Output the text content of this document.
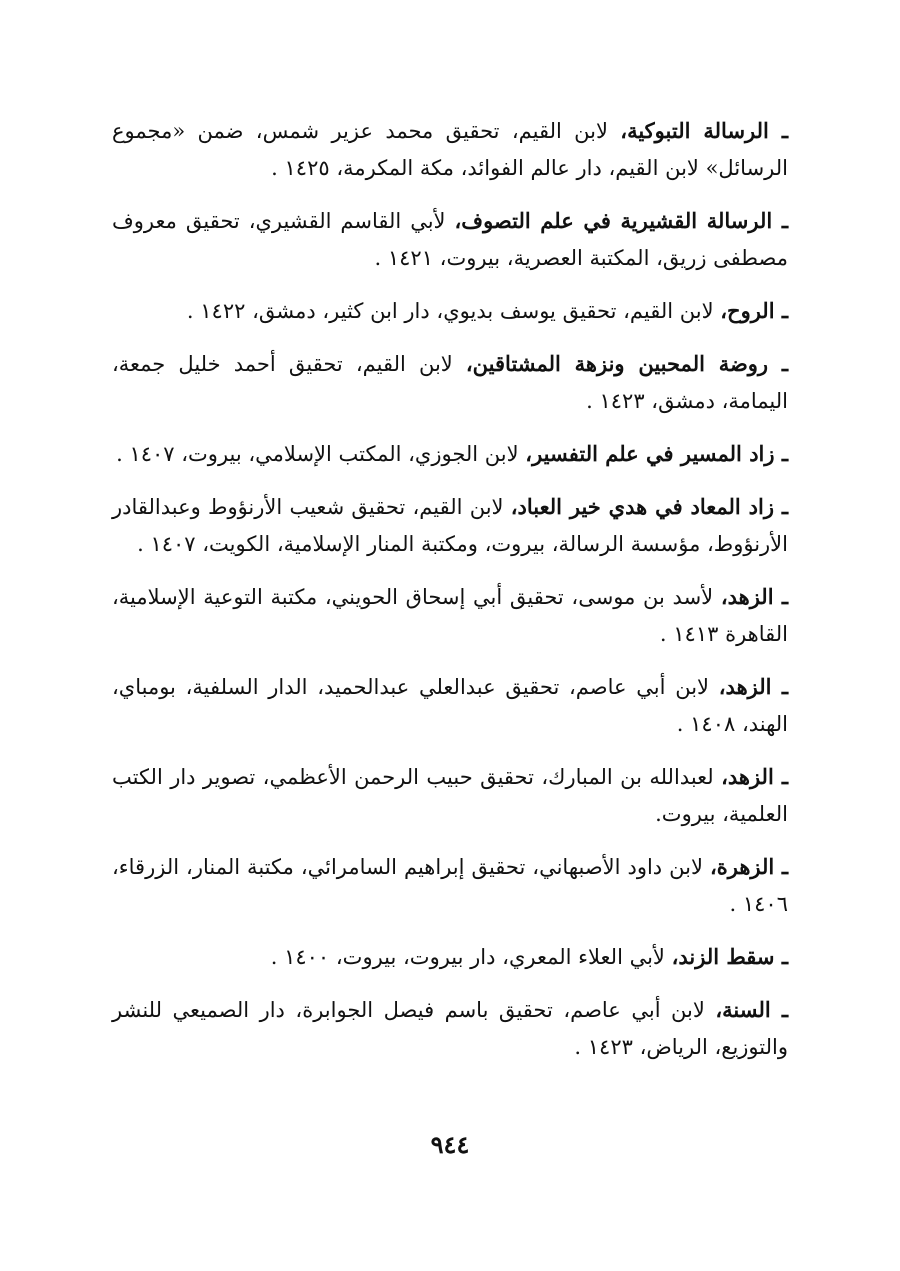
ـ الرسالة التبوكية، لابن القيم، تحقيق محمد عزير شمس، ضمن «مجموع الرسائل» لابن القيم، دار عالم الفوائد، مكة المكرمة، ١٤٢٥ .
ـ الرسالة القشيرية في علم التصوف، لأبي القاسم القشيري، تحقيق معروف مصطفى زريق، المكتبة العصرية، بيروت، ١٤٢١ .
ـ الروح، لابن القيم، تحقيق يوسف بديوي، دار ابن كثير، دمشق، ١٤٢٢ .
ـ روضة المحبين ونزهة المشتاقين، لابن القيم، تحقيق أحمد خليل جمعة، اليمامة، دمشق، ١٤٢٣ .
ـ زاد المسير في علم التفسير، لابن الجوزي، المكتب الإسلامي، بيروت، ١٤٠٧ .
ـ زاد المعاد في هدي خير العباد، لابن القيم، تحقيق شعيب الأرنؤوط وعبدالقادر الأرنؤوط، مؤسسة الرسالة، بيروت، ومكتبة المنار الإسلامية، الكويت، ١٤٠٧ .
ـ الزهد، لأسد بن موسى، تحقيق أبي إسحاق الحويني، مكتبة التوعية الإسلامية، القاهرة ١٤١٣ .
ـ الزهد، لابن أبي عاصم، تحقيق عبدالعلي عبدالحميد، الدار السلفية، بومباي، الهند، ١٤٠٨ .
ـ الزهد، لعبدالله بن المبارك، تحقيق حبيب الرحمن الأعظمي، تصوير دار الكتب العلمية، بيروت.
ـ الزهرة، لابن داود الأصبهاني، تحقيق إبراهيم السامرائي، مكتبة المنار، الزرقاء، ١٤٠٦ .
ـ سقط الزند، لأبي العلاء المعري، دار بيروت، بيروت، ١٤٠٠ .
ـ السنة، لابن أبي عاصم، تحقيق باسم فيصل الجوابرة، دار الصميعي للنشر والتوزيع، الرياض، ١٤٢٣ .

٩٤٤
